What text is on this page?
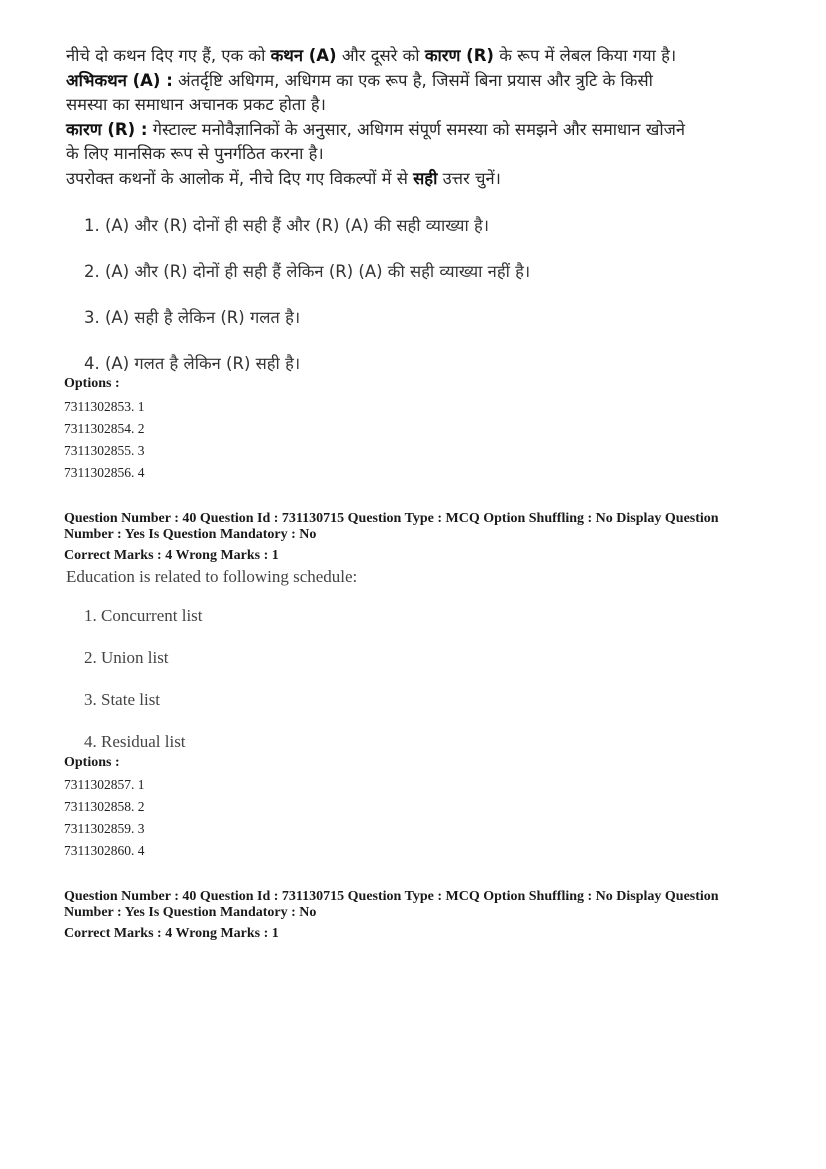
नीचे दो कथन दिए गए हैं, एक को कथन (A) और दूसरे को कारण (R) के रूप में लेबल किया गया है।
अभिकथन (A) : अंतर्दृष्टि अधिगम, अधिगम का एक रूप है, जिसमें बिना प्रयास और त्रुटि के किसी
समस्या का समाधान अचानक प्रकट होता है।
कारण (R) : गेस्टाल्ट मनोवैज्ञानिकों के अनुसार, अधिगम संपूर्ण समस्या को समझने और समाधान खोजने
के लिए मानसिक रूप से पुनर्गठित करना है।
उपरोक्त कथनों के आलोक में, नीचे दिए गए विकल्पों में से सही उत्तर चुनें।
1. (A) और (R) दोनों ही सही हैं और (R) (A) की सही व्याख्या है।
2. (A) और (R) दोनों ही सही हैं लेकिन (R) (A) की सही व्याख्या नहीं है।
3. (A) सही है लेकिन (R) गलत है।
4. (A) गलत है लेकिन (R) सही है।
Options :
7311302853. 1
7311302854. 2
7311302855. 3
7311302856. 4
Question Number : 40 Question Id : 731130715 Question Type : MCQ Option Shuffling : No Display Question
Number : Yes Is Question Mandatory : No
Correct Marks : 4 Wrong Marks : 1
Education is related to following schedule:
1. Concurrent list
2. Union list
3. State list
4. Residual list
Options :
7311302857. 1
7311302858. 2
7311302859. 3
7311302860. 4
Question Number : 40 Question Id : 731130715 Question Type : MCQ Option Shuffling : No Display Question
Number : Yes Is Question Mandatory : No
Correct Marks : 4 Wrong Marks : 1
